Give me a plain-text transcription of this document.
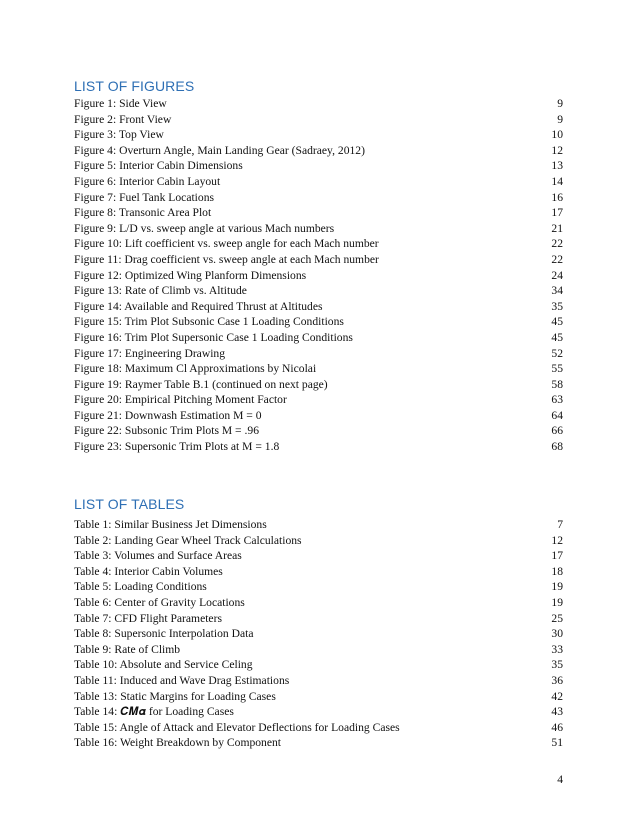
LIST OF FIGURES
Figure 1: Side View	9
Figure 2: Front View	9
Figure 3: Top View	10
Figure 4: Overturn Angle, Main Landing Gear (Sadraey, 2012)	12
Figure 5: Interior Cabin Dimensions	13
Figure 6: Interior Cabin Layout	14
Figure 7: Fuel Tank Locations	16
Figure 8: Transonic Area Plot	17
Figure 9: L/D vs. sweep angle at various Mach numbers	21
Figure 10: Lift coefficient vs. sweep angle for each Mach number	22
Figure 11: Drag coefficient vs. sweep angle at each Mach number	22
Figure 12: Optimized Wing Planform Dimensions	24
Figure 13: Rate of Climb vs. Altitude	34
Figure 14: Available and Required Thrust at Altitudes	35
Figure 15: Trim Plot Subsonic Case 1 Loading Conditions	45
Figure 16: Trim Plot Supersonic Case 1 Loading Conditions	45
Figure 17: Engineering Drawing	52
Figure 18: Maximum Cl Approximations by Nicolai	55
Figure 19: Raymer Table B.1 (continued on next page)	58
Figure 20: Empirical Pitching Moment Factor	63
Figure 21: Downwash Estimation M = 0	64
Figure 22: Subsonic Trim Plots M = .96	66
Figure 23: Supersonic Trim Plots at M = 1.8	68
LIST OF TABLES
Table 1: Similar Business Jet Dimensions	7
Table 2: Landing Gear Wheel Track Calculations	12
Table 3: Volumes and Surface Areas	17
Table 4: Interior Cabin Volumes	18
Table 5: Loading Conditions	19
Table 6: Center of Gravity Locations	19
Table 7: CFD Flight Parameters	25
Table 8: Supersonic Interpolation Data	30
Table 9: Rate of Climb	33
Table 10: Absolute and Service Celing	35
Table 11: Induced and Wave Drag Estimations	36
Table 13: Static Margins for Loading Cases	42
Table 14: 𝑪𝑴𝜶 for Loading Cases	43
Table 15: Angle of Attack and Elevator Deflections for Loading Cases	46
Table 16: Weight Breakdown by Component	51
4
